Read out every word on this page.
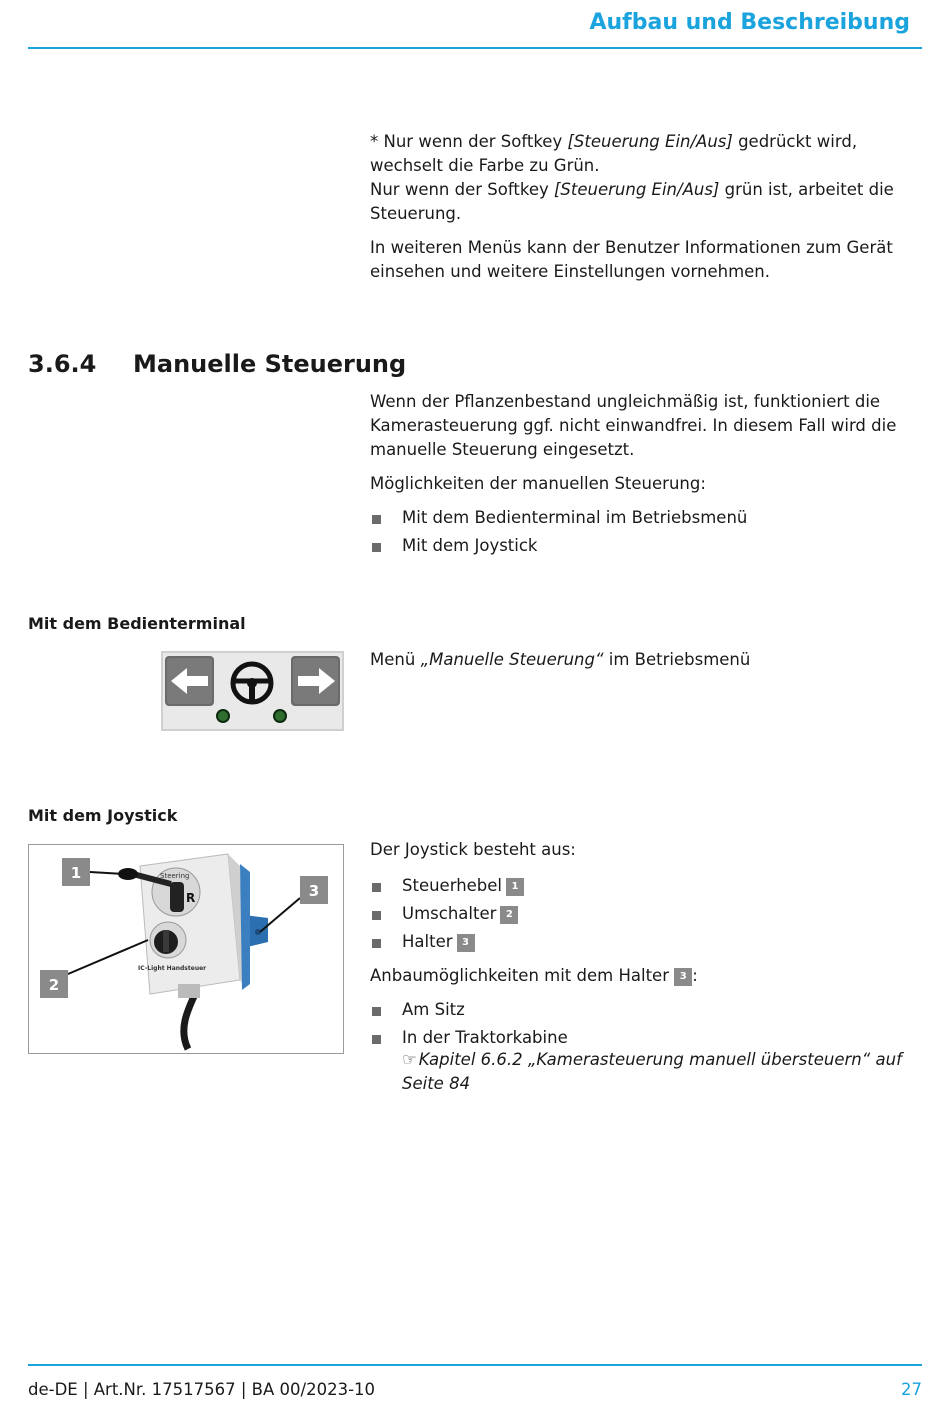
Aufbau und Beschreibung

* Nur wenn der Softkey [Steuerung Ein/Aus] gedrückt wird, wechselt die Farbe zu Grün.
Nur wenn der Softkey [Steuerung Ein/Aus] grün ist, arbeitet die Steuerung.

In weiteren Menüs kann der Benutzer Informationen zum Gerät einsehen und weitere Einstellungen vornehmen.

3.6.4 Manuelle Steuerung

Wenn der Pflanzenbestand ungleichmäßig ist, funktioniert die Kamerasteuerung ggf. nicht einwandfrei. In diesem Fall wird die manuelle Steuerung eingesetzt.

Möglichkeiten der manuellen Steuerung:

Mit dem Bedienterminal im Betriebsmenü
Mit dem Joystick
Mit dem Bedienterminal
Menü „Manuelle Steuerung“ im Betriebsmenü
Mit dem Joystick
Steering
R
IC-Light Handsteuer
1
2
3

Der Joystick besteht aus:

Steuerhebel 1
Umschalter 2
Halter 3

Anbaumöglichkeiten mit dem Halter 3 :

Am Sitz
In der Traktorkabine
☞ Kapitel 6.6.2 „Kamerasteuerung manuell übersteuern“ auf Seite 84
de-DE | Art.Nr. 17517567 | BA 00/2023-10	27
